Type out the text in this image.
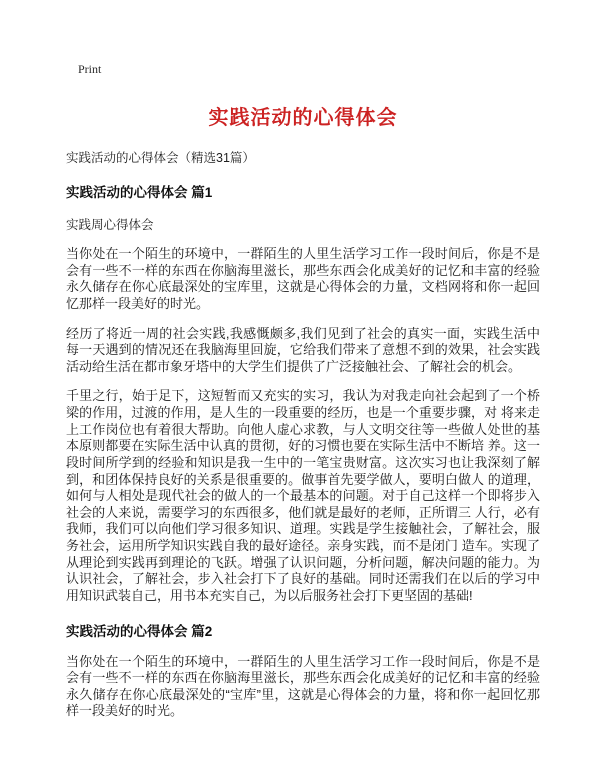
Print
实践活动的心得体会

实践活动的心得体会（精选31篇）

实践活动的心得体会 篇1

实践周心得体会

当你处在一个陌生的环境中，一群陌生的人里生活学习工作一段时间后，你是不是会有一些不一样的东西在你脑海里滋长，那些东西会化成美好的记忆和丰富的经验永久储存在你心底最深处的宝库里，这就是心得体会的力量，文档网将和你一起回忆那样一段美好的时光。

经历了将近一周的社会实践,我感慨颇多,我们见到了社会的真实一面，实践生活中每一天遇到的情况还在我脑海里回旋，它给我们带来了意想不到的效果，社会实践活动给生活在都市象牙塔中的大学生们提供了广泛接触社会、了解社会的机会。

千里之行，始于足下，这短暂而又充实的实习，我认为对我走向社会起到了一个桥梁的作用，过渡的作用，是人生的一段重要的经历，也是一个重要步骤，对 将来走上工作岗位也有着很大帮助。向他人虚心求教，与人文明交往等一些做人处世的基本原则都要在实际生活中认真的贯彻，好的习惯也要在实际生活中不断培 养。这一段时间所学到的经验和知识是我一生中的一笔宝贵财富。这次实习也让我深刻了解到，和团体保持良好的关系是很重要的。做事首先要学做人，要明白做人 的道理，如何与人相处是现代社会的做人的一个最基本的问题。对于自己这样一个即将步入社会的人来说，需要学习的东西很多，他们就是最好的老师，正所谓三 人行，必有我师，我们可以向他们学习很多知识、道理。实践是学生接触社会，了解社会，服务社会，运用所学知识实践自我的最好途径。亲身实践，而不是闭门 造车。实现了从理论到实践再到理论的飞跃。增强了认识问题，分析问题，解决问题的能力。为认识社会，了解社会，步入社会打下了良好的基础。同时还需我们在以后的学习中用知识武装自己，用书本充实自己，为以后服务社会打下更坚固的基础!

实践活动的心得体会 篇2

当你处在一个陌生的环境中，一群陌生的人里生活学习工作一段时间后，你是不是会有一些不一样的东西在你脑海里滋长，那些东西会化成美好的记忆和丰富的经验永久储存在你心底最深处的“宝库”里，这就是心得体会的力量，将和你一起回忆那样一段美好的时光。
